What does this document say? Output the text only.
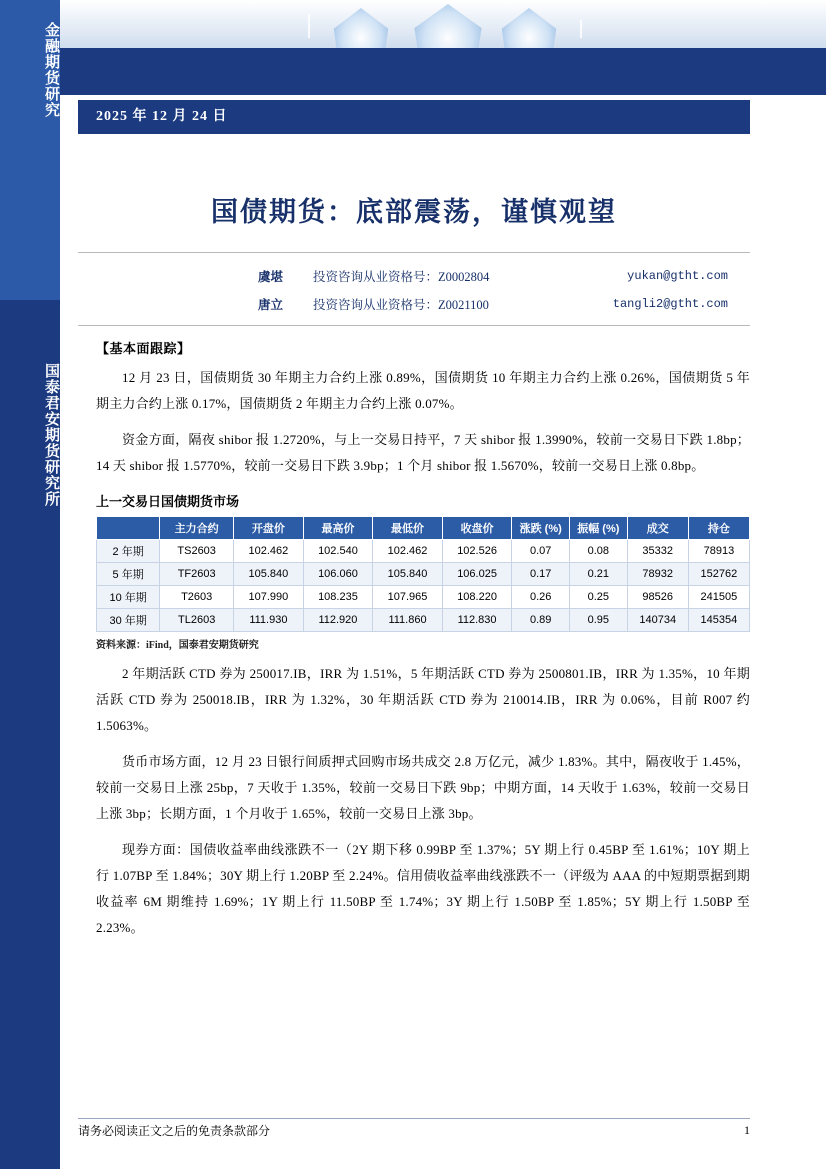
金融期货研究
国泰君安期货研究所
2025 年 12 月 24 日
国债期货：底部震荡，谨慎观望
虞堪	投资咨询从业资格号：Z0002804	yukan@gtht.com
唐立	投资咨询从业资格号：Z0021100	tangli2@gtht.com
【基本面跟踪】

12 月 23 日，国债期货 30 年期主力合约上涨 0.89%，国债期货 10 年期主力合约上涨 0.26%，国债期货 5 年期主力合约上涨 0.17%，国债期货 2 年期主力合约上涨 0.07%。

资金方面，隔夜 shibor 报 1.2720%，与上一交易日持平，7 天 shibor 报 1.3990%，较前一交易日下跌 1.8bp；14 天 shibor 报 1.5770%，较前一交易日下跌 3.9bp；1 个月 shibor 报 1.5670%，较前一交易日上涨 0.8bp。

上一交易日国债期货市场
	主力合约	开盘价	最高价	最低价	收盘价	涨跌 (%)	振幅 (%)	成交	持仓
2 年期	TS2603	102.462	102.540	102.462	102.526	0.07	0.08	35332	78913
5 年期	TF2603	105.840	106.060	105.840	106.025	0.17	0.21	78932	152762
10 年期	T2603	107.990	108.235	107.965	108.220	0.26	0.25	98526	241505
30 年期	TL2603	111.930	112.920	111.860	112.830	0.89	0.95	140734	145354
资料来源：iFind，国泰君安期货研究

2 年期活跃 CTD 券为 250017.IB，IRR 为 1.51%，5 年期活跃 CTD 券为 2500801.IB，IRR 为 1.35%，10 年期活跃 CTD 券为 250018.IB，IRR 为 1.32%，30 年期活跃 CTD 券为 210014.IB，IRR 为 0.06%，目前 R007 约 1.5063%。

货币市场方面，12 月 23 日银行间质押式回购市场共成交 2.8 万亿元，减少 1.83%。其中，隔夜收于 1.45%，较前一交易日上涨 25bp，7 天收于 1.35%，较前一交易日下跌 9bp；中期方面，14 天收于 1.63%，较前一交易日上涨 3bp；长期方面，1 个月收于 1.65%，较前一交易日上涨 3bp。

现券方面：国债收益率曲线涨跌不一（2Y 期下移 0.99BP 至 1.37%；5Y 期上行 0.45BP 至 1.61%；10Y 期上行 1.07BP 至 1.84%；30Y 期上行 1.20BP 至 2.24%。信用债收益率曲线涨跌不一（评级为 AAA 的中短期票据到期收益率 6M 期维持 1.69%；1Y 期上行 11.50BP 至 1.74%；3Y 期上行 1.50BP 至 1.85%；5Y 期上行 1.50BP 至 2.23%。

请务必阅读正文之后的免责条款部分	1
